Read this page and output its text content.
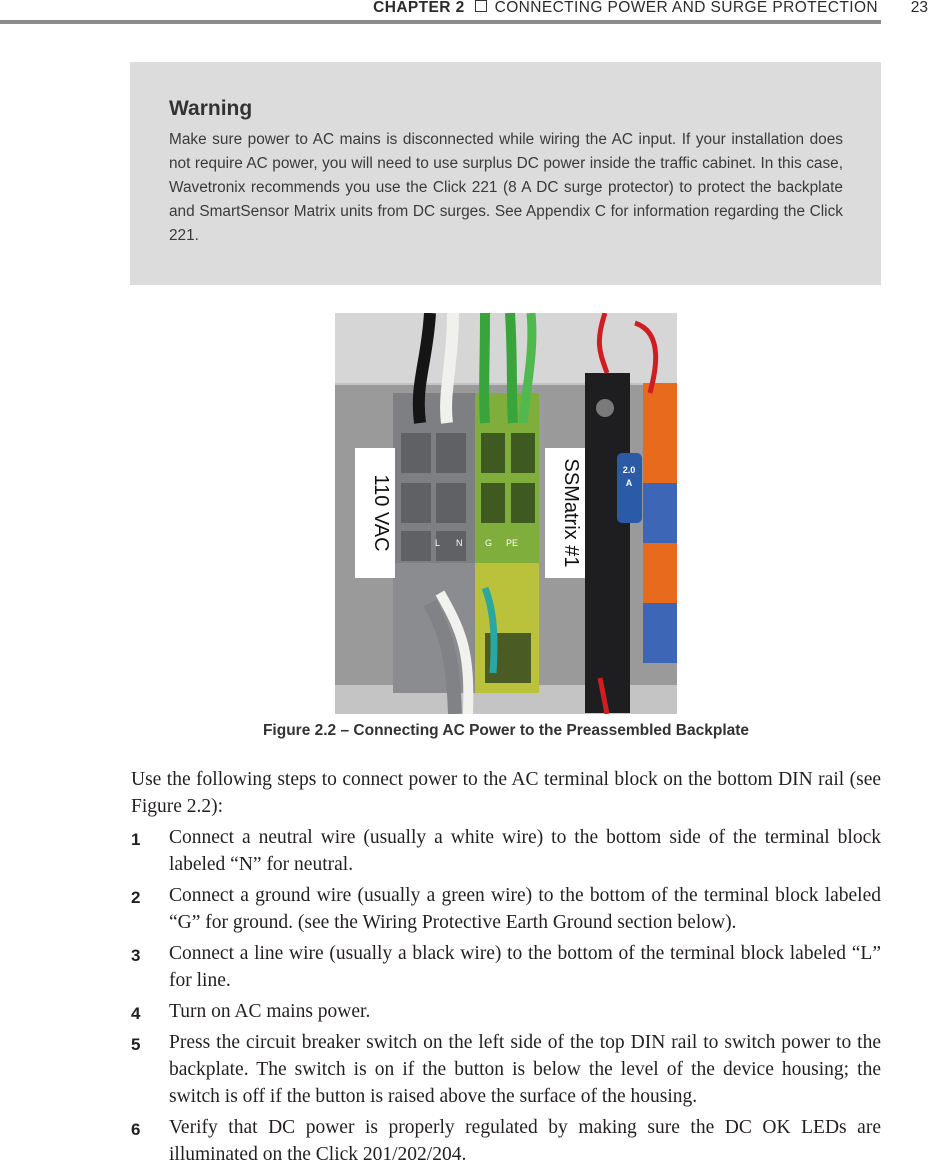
CHAPTER 2 CONNECTING POWER AND SURGE PROTECTION 23
Warning

Make sure power to AC mains is disconnected while wiring the AC input. If your installation does not require AC power, you will need to use surplus DC power inside the traffic cabinet. In this case, Wavetronix recommends you use the Click 221 (8 A DC surge protector) to protect the backplate and SmartSensor Matrix units from DC surges. See Appendix C for information regarding the Click 221.

110 VAC	SSMatrix #1
L N	G PE
2.0
A
Figure 2.2 – Connecting AC Power to the Preassembled Backplate

Use the following steps to connect power to the AC terminal block on the bottom DIN rail (see Figure 2.2):

1 Connect a neutral wire (usually a white wire) to the bottom side of the terminal block labeled “N” for neutral.
2 Connect a ground wire (usually a green wire) to the bottom of the terminal block labeled “G” for ground. (see the Wiring Protective Earth Ground section below).
3 Connect a line wire (usually a black wire) to the bottom of the terminal block labeled “L” for line.
4 Turn on AC mains power.
5 Press the circuit breaker switch on the left side of the top DIN rail to switch power to the backplate. The switch is on if the button is below the level of the device housing; the switch is off if the button is raised above the surface of the housing.
6 Verify that DC power is properly regulated by making sure the DC OK LEDs are illuminated on the Click 201/202/204.
